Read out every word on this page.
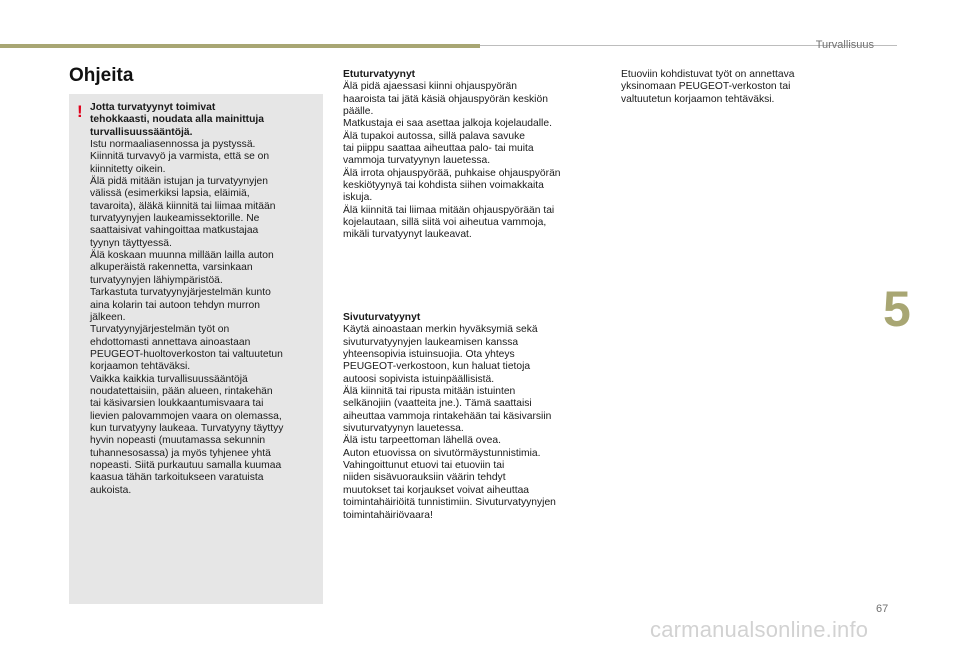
Turvallisuus
5
Ohjeita
! Jotta turvatyynyt toimivat
tehokkaasti, noudata alla mainittuja
turvallisuussääntöjä.
Istu normaaliasennossa ja pystyssä.
Kiinnitä turvavyö ja varmista, että se on
kiinnitetty oikein.
Älä pidä mitään istujan ja turvatyynyjen
välissä (esimerkiksi lapsia, eläimiä,
tavaroita), äläkä kiinnitä tai liimaa mitään
turvatyynyjen laukeamissektorille. Ne
saattaisivat vahingoittaa matkustajaa
tyynyn täyttyessä.
Älä koskaan muunna millään lailla auton
alkuperäistä rakennetta, varsinkaan
turvatyynyjen lähiympäristöä.
Tarkastuta turvatyynyjärjestelmän kunto
aina kolarin tai autoon tehdyn murron
jälkeen.
Turvatyynyjärjestelmän työt on
ehdottomasti annettava ainoastaan
PEUGEOT-huoltoverkoston tai valtuutetun
korjaamon tehtäväksi.
Vaikka kaikkia turvallisuussääntöjä
noudatettaisiin, pään alueen, rintakehän
tai käsivarsien loukkaantumisvaara tai
lievien palovammojen vaara on olemassa,
kun turvatyyny laukeaa. Turvatyyny täyttyy
hyvin nopeasti (muutamassa sekunnin
tuhannesosassa) ja myös tyhjenee yhtä
nopeasti. Siitä purkautuu samalla kuumaa
kaasua tähän tarkoitukseen varatuista
aukoista.
Etuturvatyynyt
Älä pidä ajaessasi kiinni ohjauspyörän
haaroista tai jätä käsiä ohjauspyörän keskiön
päälle.
Matkustaja ei saa asettaa jalkoja kojelaudalle.
Älä tupakoi autossa, sillä palava savuke
tai piippu saattaa aiheuttaa palo- tai muita
vammoja turvatyynyn lauetessa.
Älä irrota ohjauspyörää, puhkaise ohjauspyörän
keskiötyynyä tai kohdista siihen voimakkaita
iskuja.
Älä kiinnitä tai liimaa mitään ohjauspyörään tai
kojelautaan, sillä siitä voi aiheutua vammoja,
mikäli turvatyynyt laukeavat.
Sivuturvatyynyt
Käytä ainoastaan merkin hyväksymiä sekä
sivuturvatyynyjen laukeamisen kanssa
yhteensopivia istuinsuojia. Ota yhteys
PEUGEOT-verkostoon, kun haluat tietoja
autoosi sopivista istuinpäällisistä.
Älä kiinnitä tai ripusta mitään istuinten
selkänojiin (vaatteita jne.). Tämä saattaisi
aiheuttaa vammoja rintakehään tai käsivarsiin
sivuturvatyynyn lauetessa.
Älä istu tarpeettoman lähellä ovea.
Auton etuovissa on sivutörmäystunnistimia.
Vahingoittunut etuovi tai etuoviin tai
niiden sisävuorauksiin väärin tehdyt
muutokset tai korjaukset voivat aiheuttaa
toimintahäiriöitä tunnistimiin. Sivuturvatyynyjen
toimintahäiriövaara!
Etuoviin kohdistuvat työt on annettava
yksinomaan PEUGEOT-verkoston tai
valtuutetun korjaamon tehtäväksi.
67
carmanualsonline.info
